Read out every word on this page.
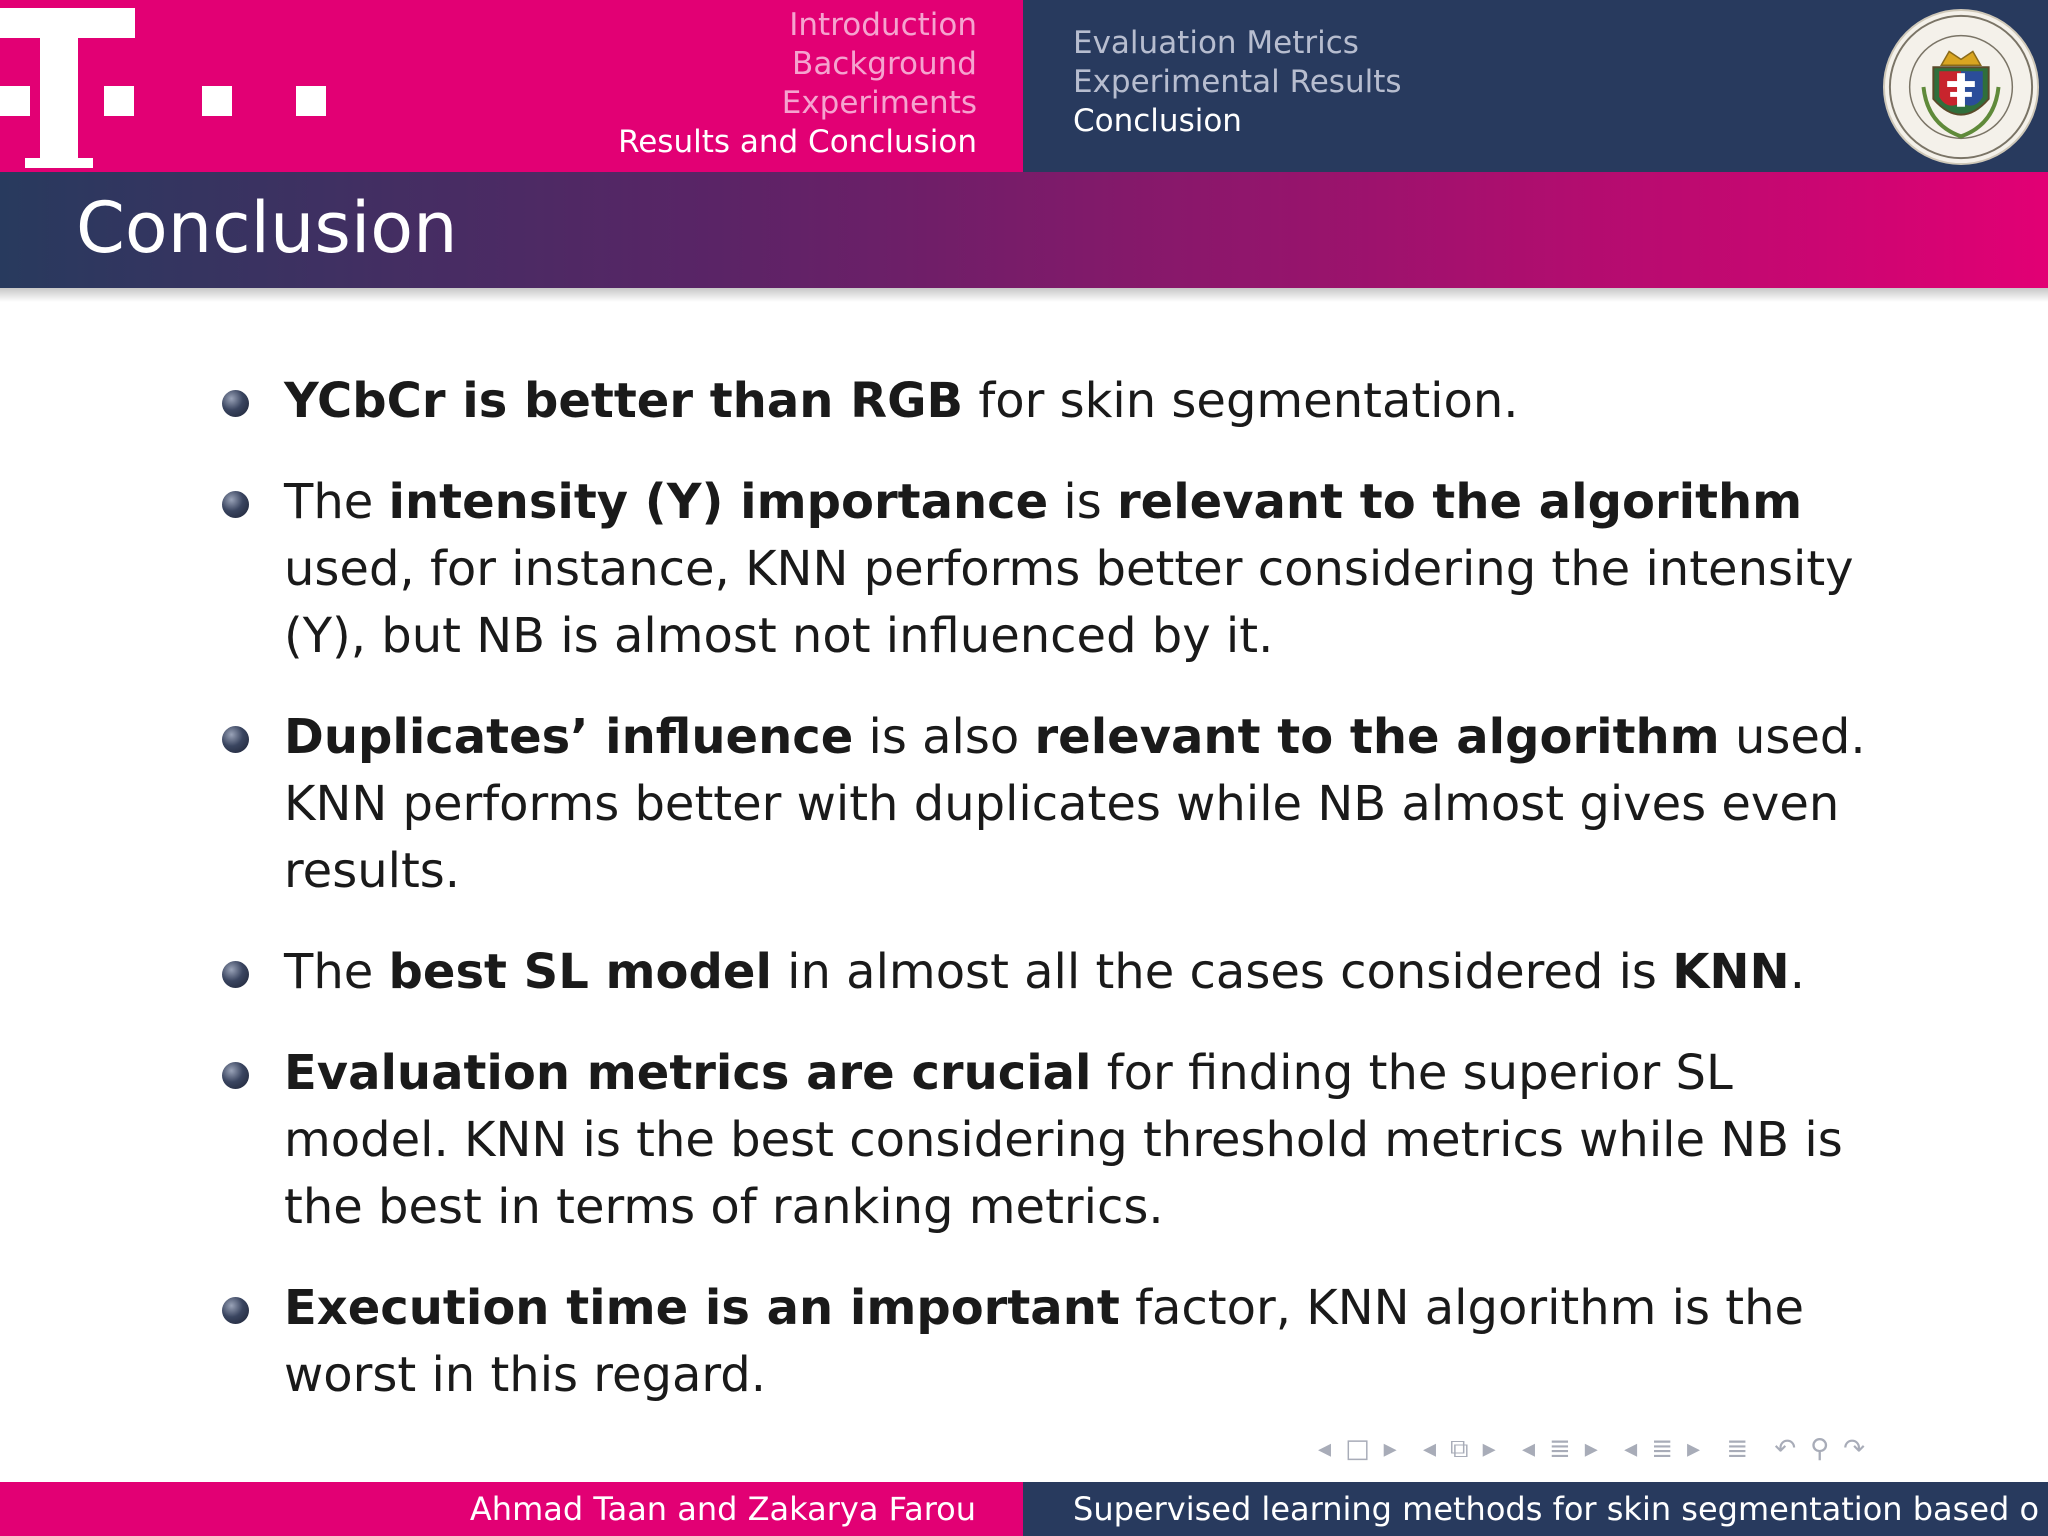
Introduction
Background
Experiments
Results and Conclusion
Evaluation Metrics
Experimental Results
Conclusion
Conclusion
YCbCr is better than RGB for skin segmentation.
The intensity (Y) importance is relevant to the algorithm used, for instance, KNN performs better considering the intensity (Y), but NB is almost not influenced by it.
Duplicates’ influence is also relevant to the algorithm used. KNN performs better with duplicates while NB almost gives even results.
The best SL model in almost all the cases considered is KNN.
Evaluation metrics are crucial for finding the superior SL model. KNN is the best considering threshold metrics while NB is the best in terms of ranking metrics.
Execution time is an important factor, KNN algorithm is the worst in this regard.
◂ □ ▸ ◂ ⧉ ▸ ◂ ≣ ▸ ◂ ≣ ▸ ≣ ↶ ⚲ ↷
Ahmad Taan and Zakarya Farou	Supervised learning methods for skin segmentation based o
